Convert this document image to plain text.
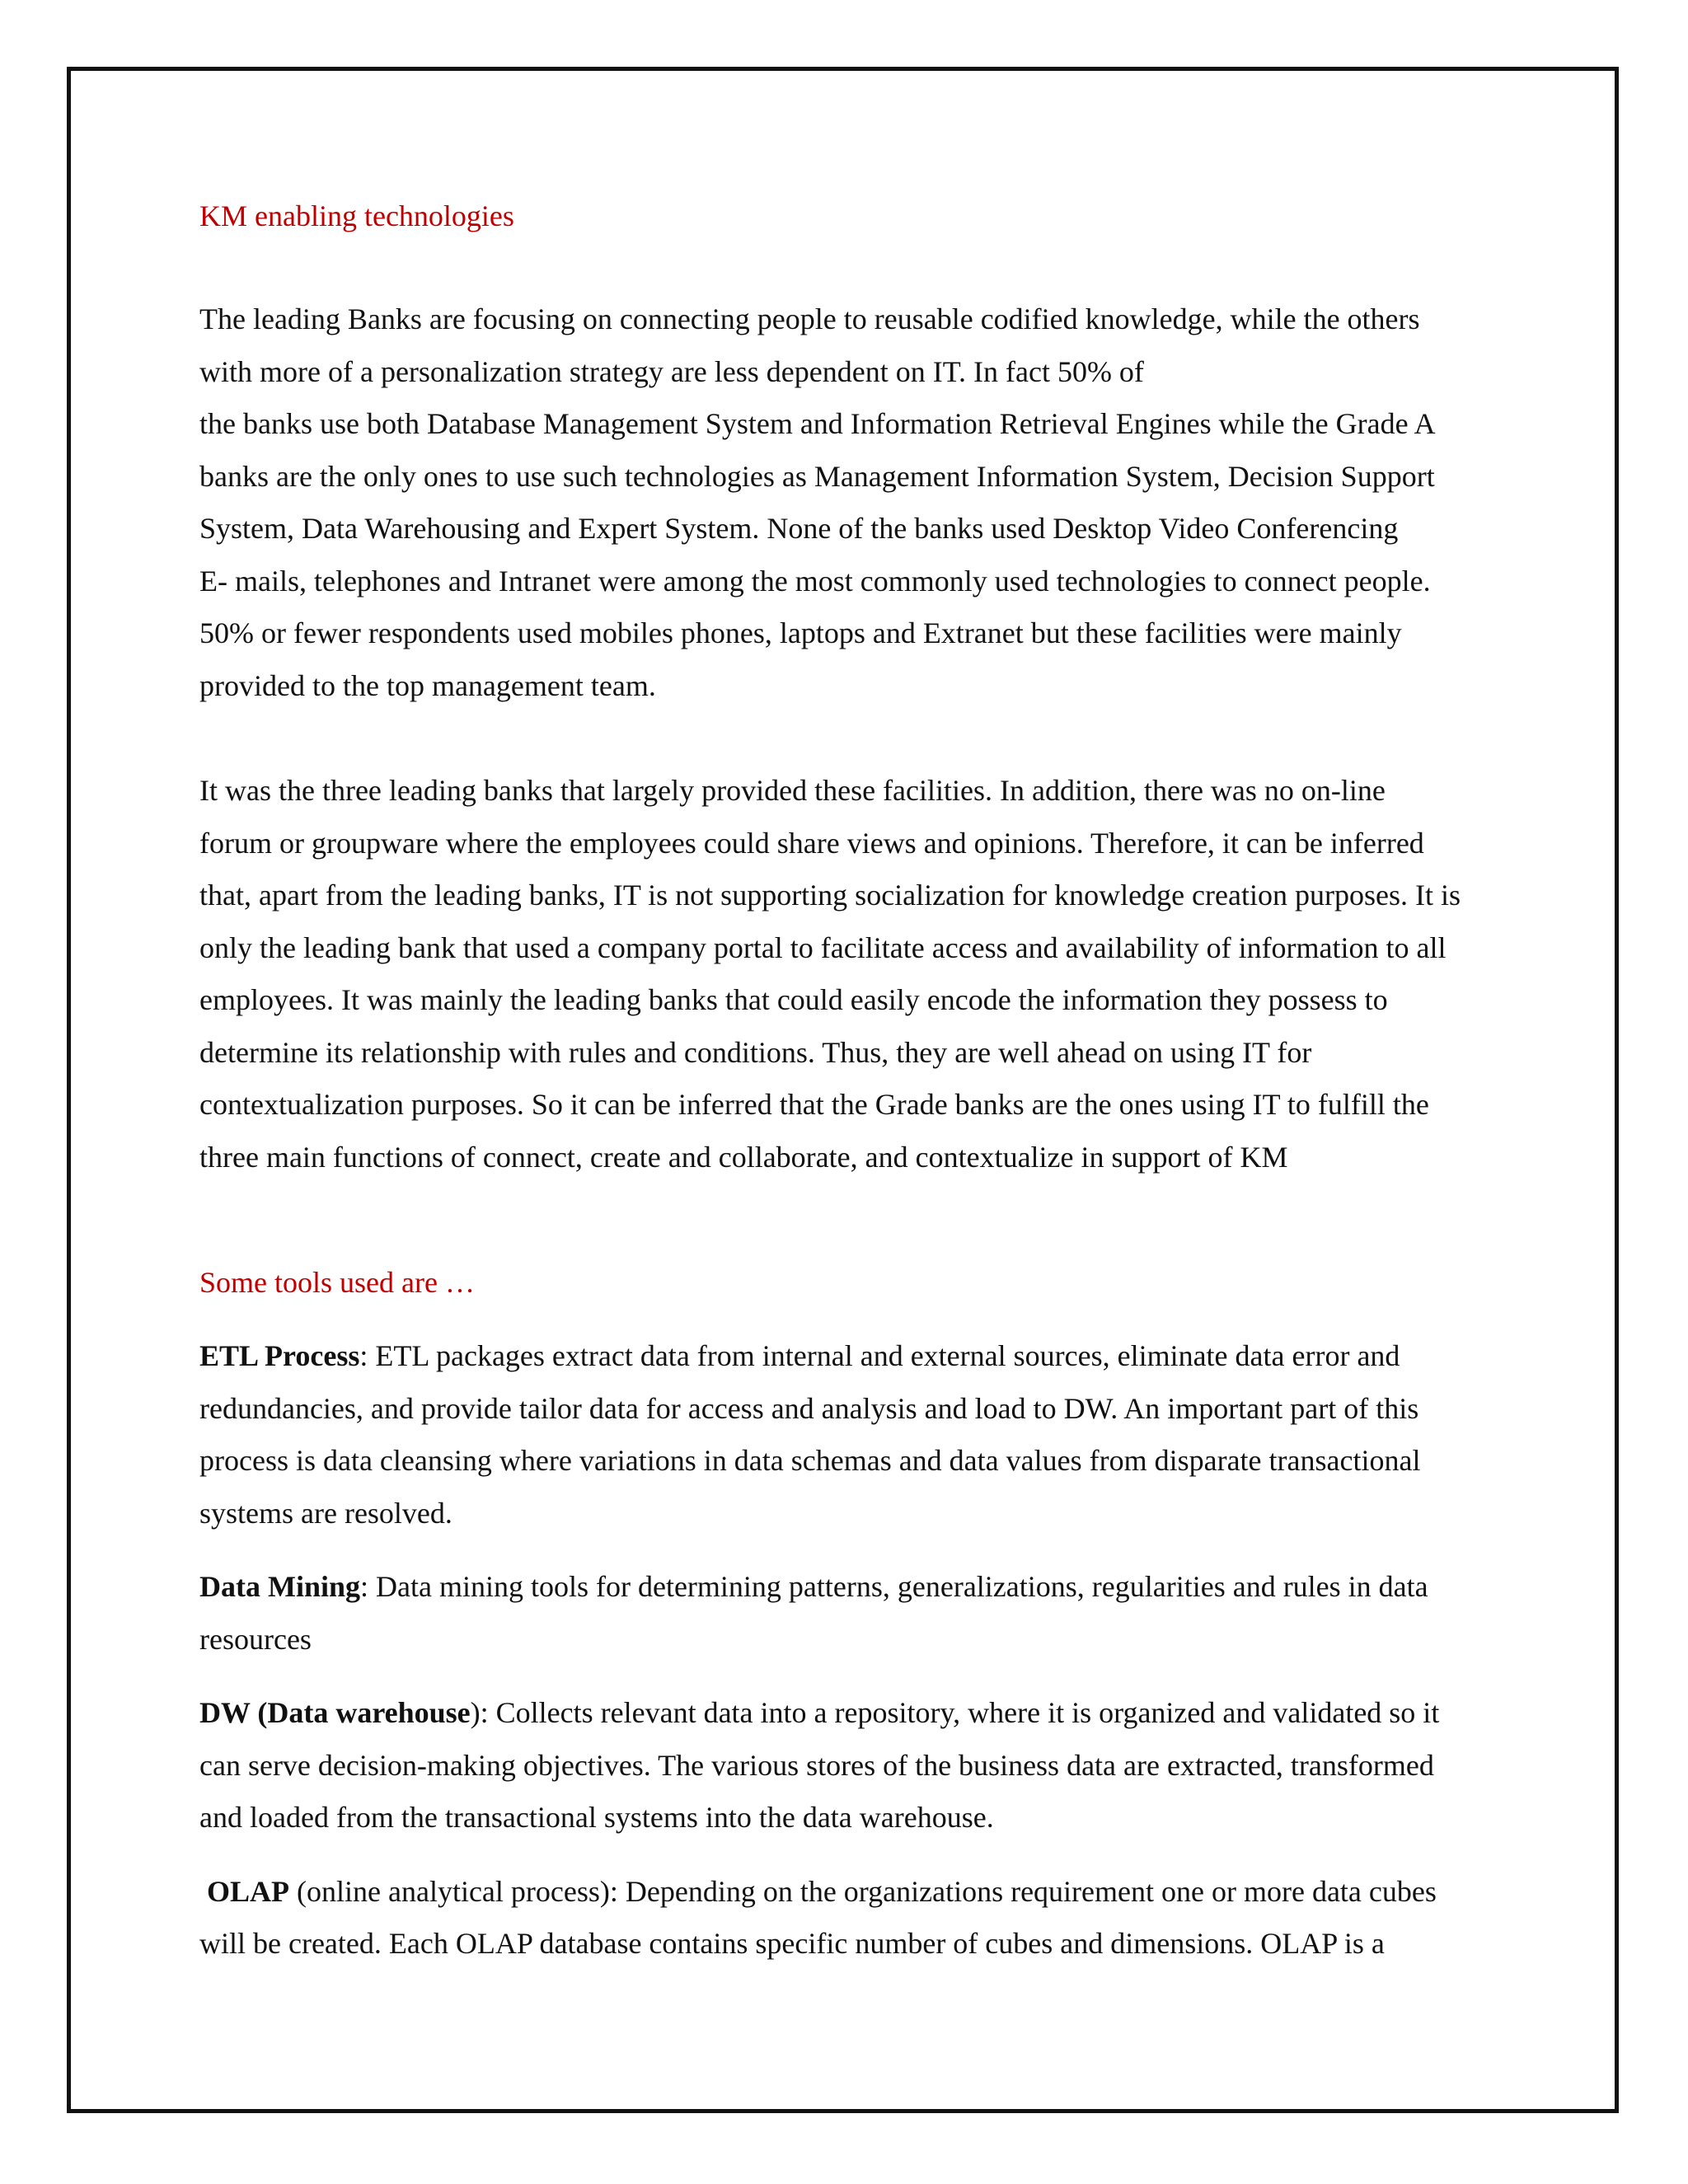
KM enabling technologies

The leading Banks are focusing on connecting people to reusable codified knowledge, while the others
with more of a personalization strategy are less dependent on IT. In fact 50% of
the banks use both Database Management System and Information Retrieval Engines while the Grade A
banks are the only ones to use such technologies as Management Information System, Decision Support
System, Data Warehousing and Expert System. None of the banks used Desktop Video Conferencing
E- mails, telephones and Intranet were among the most commonly used technologies to connect people.
50% or fewer respondents used mobiles phones, laptops and Extranet but these facilities were mainly
provided to the top management team.

It was the three leading banks that largely provided these facilities. In addition, there was no on-line
forum or groupware where the employees could share views and opinions. Therefore, it can be inferred
that, apart from the leading banks, IT is not supporting socialization for knowledge creation purposes. It is
only the leading bank that used a company portal to facilitate access and availability of information to all
employees. It was mainly the leading banks that could easily encode the information they possess to
determine its relationship with rules and conditions. Thus, they are well ahead on using IT for
contextualization purposes. So it can be inferred that the Grade banks are the ones using IT to fulfill the
three main functions of connect, create and collaborate, and contextualize in support of KM

Some tools used are …

ETL Process: ETL packages extract data from internal and external sources, eliminate data error and
redundancies, and provide tailor data for access and analysis and load to DW. An important part of this
process is data cleansing where variations in data schemas and data values from disparate transactional
systems are resolved.

Data Mining: Data mining tools for determining patterns, generalizations, regularities and rules in data
resources

DW (Data warehouse): Collects relevant data into a repository, where it is organized and validated so it
can serve decision-making objectives. The various stores of the business data are extracted, transformed
and loaded from the transactional systems into the data warehouse.

OLAP (online analytical process): Depending on the organizations requirement one or more data cubes
will be created. Each OLAP database contains specific number of cubes and dimensions. OLAP is a
